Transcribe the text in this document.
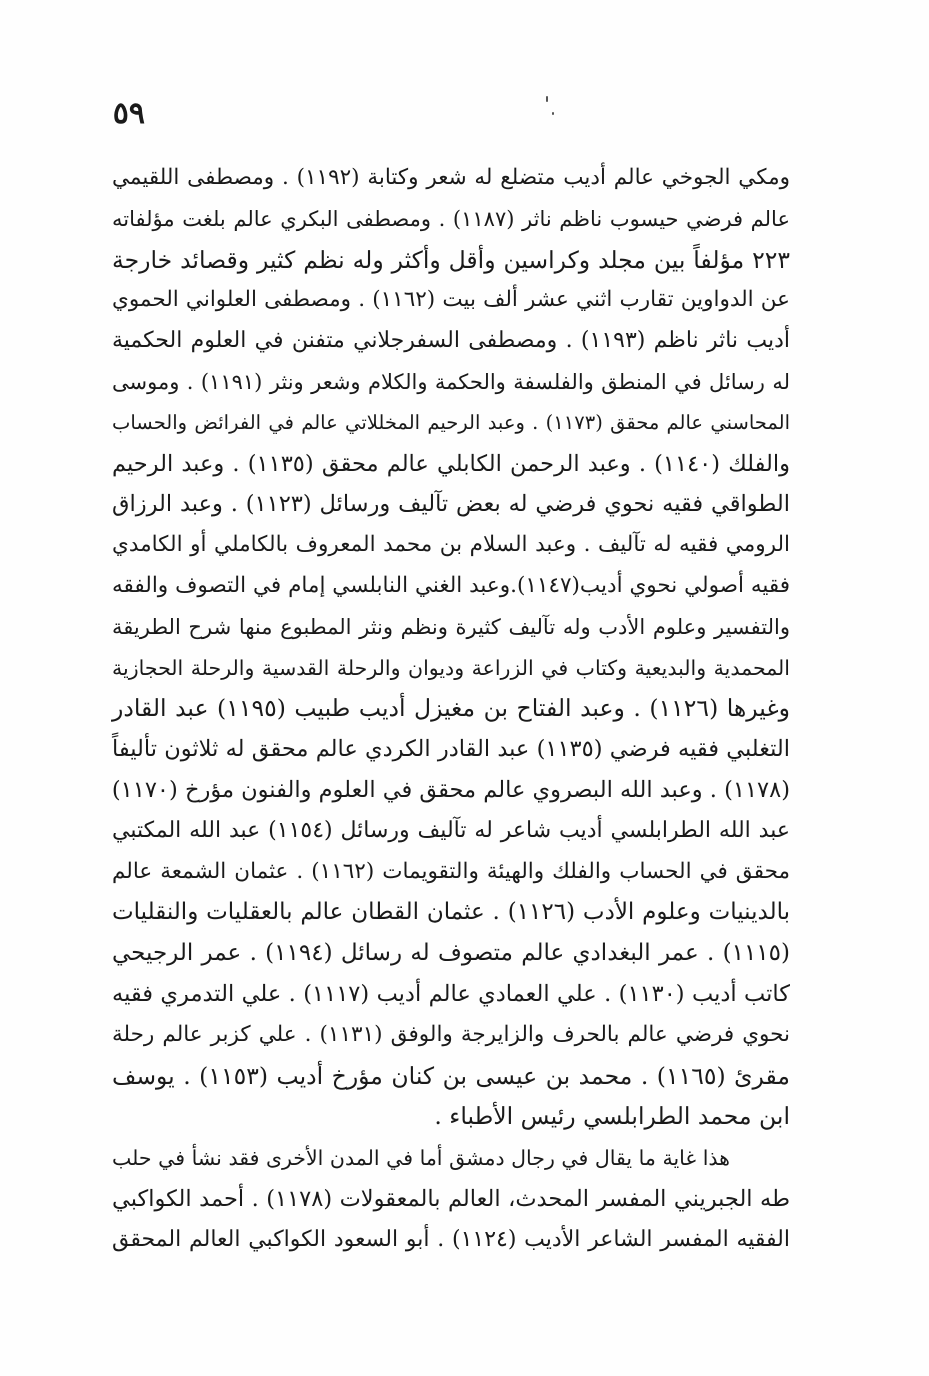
٥٩
ومكي الجوخي عالم أديب متضلع له شعر وكتابة (١١٩٢) . ومصطفى اللقيمي
عالم فرضي حيسوب ناظم ناثر (١١٨٧) . ومصطفى البكري عالم بلغت مؤلفاته
٢٢٣ مؤلفاً بين مجلد وكراسين وأقل وأكثر وله نظم كثير وقصائد خارجة
عن الدواوين تقارب اثني عشر ألف بيت (١١٦٢) . ومصطفى العلواني الحموي
أديب ناثر ناظم (١١٩٣) . ومصطفى السفرجلاني متفنن في العلوم الحكمية
له رسائل في المنطق والفلسفة والحكمة والكلام وشعر ونثر (١١٩١) . وموسى
المحاسني عالم محقق (١١٧٣) . وعبد الرحيم المخللاتي عالم في الفرائض والحساب
والفلك (١١٤٠) . وعبد الرحمن الكابلي عالم محقق (١١٣٥) . وعبد الرحيم
الطواقي فقيه نحوي فرضي له بعض تآليف ورسائل (١١٢٣) . وعبد الرزاق
الرومي فقيه له تآليف . وعبد السلام بن محمد المعروف بالكاملي أو الكامدي
فقيه أصولي نحوي أديب(١١٤٧).وعبد الغني النابلسي إمام في التصوف والفقه
والتفسير وعلوم الأدب وله تآليف كثيرة ونظم ونثر المطبوع منها شرح الطريقة
المحمدية والبديعية وكتاب في الزراعة وديوان والرحلة القدسية والرحلة الحجازية
وغيرها (١١٢٦) . وعبد الفتاح بن مغيزل أديب طبيب (١١٩٥) عبد القادر
التغلبي فقيه فرضي (١١٣٥) عبد القادر الكردي عالم محقق له ثلاثون تأليفاً
(١١٧٨) . وعبد الله البصروي عالم محقق في العلوم والفنون مؤرخ (١١٧٠)
عبد الله الطرابلسي أديب شاعر له تآليف ورسائل (١١٥٤) عبد الله المكتبي
محقق في الحساب والفلك والهيئة والتقويمات (١١٦٢) . عثمان الشمعة عالم
بالدينيات وعلوم الأدب (١١٢٦) . عثمان القطان عالم بالعقليات والنقليات
(١١١٥) . عمر البغدادي عالم متصوف له رسائل (١١٩٤) . عمر الرجيحي
كاتب أديب (١١٣٠) . علي العمادي عالم أديب (١١١٧) . علي التدمري فقيه
نحوي فرضي عالم بالحرف والزايرجة والوفق (١١٣١) . علي كزبر عالم رحلة
مقرئ (١١٦٥) . محمد بن عيسى بن كنان مؤرخ أديب (١١٥٣) . يوسف
ابن محمد الطرابلسي رئيس الأطباء .
هذا غاية ما يقال في رجال دمشق أما في المدن الأخرى فقد نشأ في حلب
طه الجبريني المفسر المحدث، العالم بالمعقولات (١١٧٨) . أحمد الكواكبي
الفقيه المفسر الشاعر الأديب (١١٢٤) . أبو السعود الكواكبي العالم المحقق
